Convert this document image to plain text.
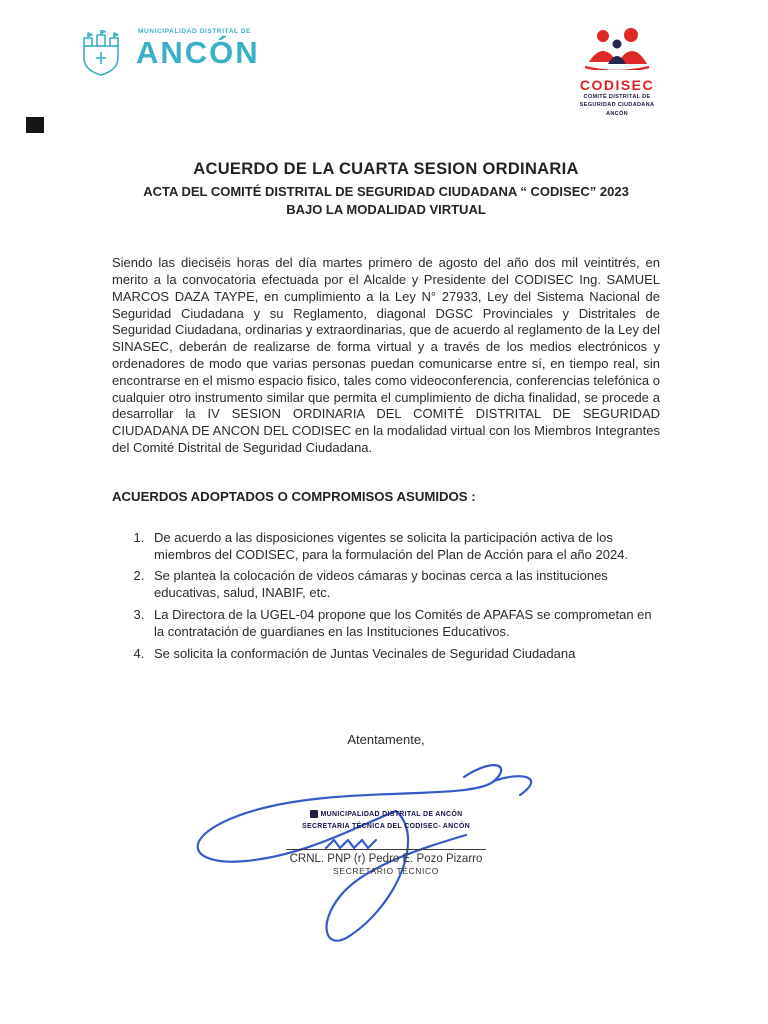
MUNICIPALIDAD DISTRITAL DE
ANCÓN
CODISEC
COMITÉ DISTRITAL DE
SEGURIDAD CIUDADANA
ANCÓN
ACUERDO DE LA CUARTA SESION ORDINARIA
ACTA DEL COMITÉ DISTRITAL DE SEGURIDAD CIUDADANA “ CODISEC” 2023
BAJO LA MODALIDAD VIRTUAL

Siendo las dieciséis horas del día martes primero de agosto del año dos mil veintitrés, en merito a la convocatoria efectuada por el Alcalde y Presidente del CODISEC Ing. SAMUEL MARCOS DAZA TAYPE, en cumplimiento a la Ley N° 27933, Ley del Sistema Nacional de Seguridad Ciudadana y su Reglamento, diagonal DGSC Provinciales y Distritales de Seguridad Ciudadana, ordinarias y extraordinarias, que de acuerdo al reglamento de la Ley del SINASEC, deberán de realizarse de forma virtual y a través de los medios electrónicos y ordenadores de modo que varias personas puedan comunicarse entre sí, en tiempo real, sin encontrarse en el mismo espacio fisico, tales como videoconferencia, conferencias telefónica o cualquier otro instrumento similar que permita el cumplimiento de dicha finalidad, se procede a desarrollar la IV SESION ORDINARIA DEL COMITÉ DISTRITAL DE SEGURIDAD CIUDADANA DE ANCON DEL CODISEC en la modalidad virtual con los Miembros Integrantes del Comité Distrital de Seguridad Ciudadana.

ACUERDOS ADOPTADOS O COMPROMISOS ASUMIDOS :
1. De acuerdo a las disposiciones vigentes se solicita la participación activa de los miembros del CODISEC, para la formulación del Plan de Acción para el año 2024.
2. Se plantea la colocación de videos cámaras y bocinas cerca a las instituciones educativas, salud, INABIF, etc.
3. La Directora de la UGEL-04 propone que los Comités de APAFAS se comprometan en la contratación de guardianes en las Instituciones Educativos.
4. Se solicita la conformación de Juntas Vecinales de Seguridad Ciudadana
Atentamente,
MUNICIPALIDAD DISTRITAL DE ANCÓN
SECRETARIA TÉCNICA DEL CODISEC- ANCÓN
CRNL. PNP (r) Pedro E. Pozo Pizarro
SECRETARIO TÉCNICO
